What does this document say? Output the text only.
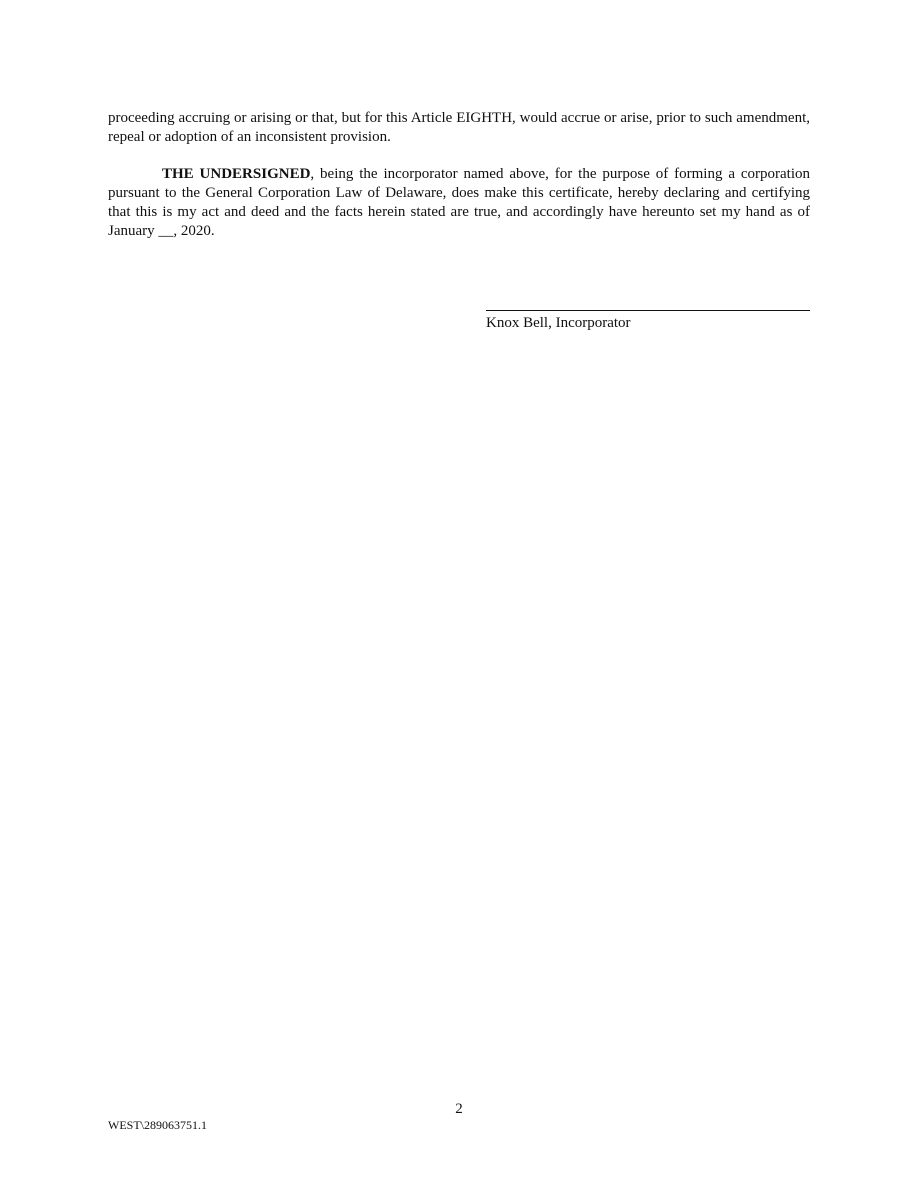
proceeding accruing or arising or that, but for this Article EIGHTH, would accrue or arise, prior to such amendment, repeal or adoption of an inconsistent provision.

THE UNDERSIGNED, being the incorporator named above, for the purpose of forming a corporation pursuant to the General Corporation Law of Delaware, does make this certificate, hereby declaring and certifying that this is my act and deed and the facts herein stated are true, and accordingly have hereunto set my hand as of January __, 2020.

Knox Bell, Incorporator
2
WEST\289063751.1
